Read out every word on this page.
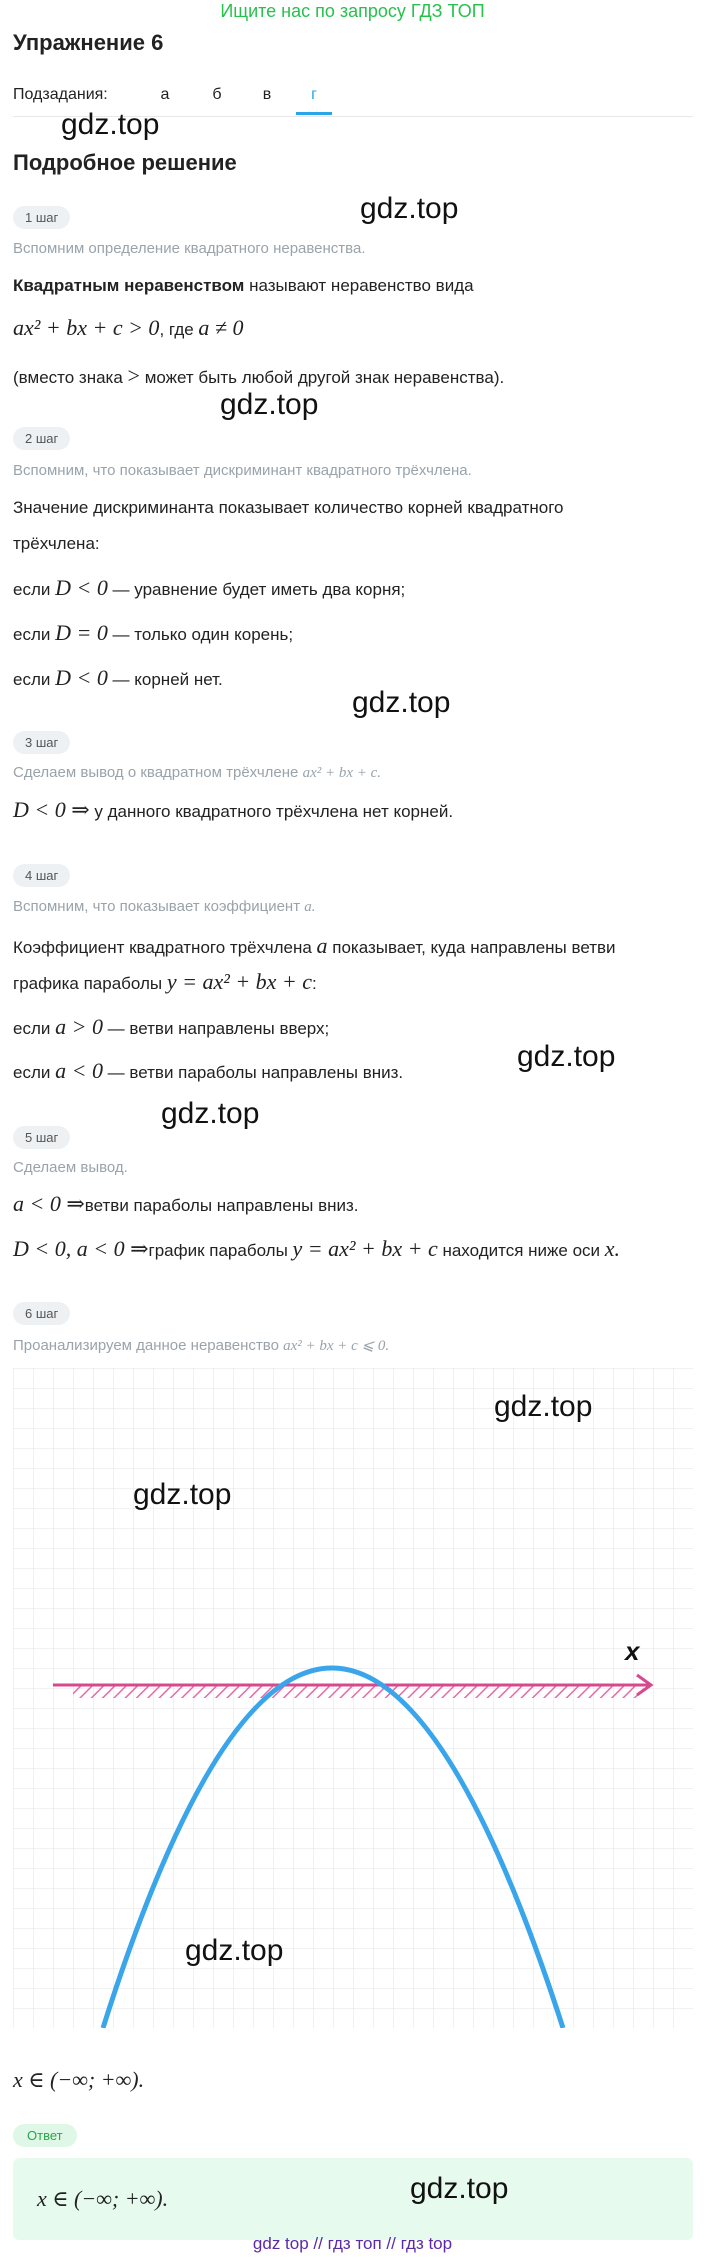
Ищите нас по запросу ГДЗ ТОП
Упражнение 6
Подзадания:	а	б	в	г
gdz.top
Подробное решение
gdz.top
1 шаг
Вспомним определение квадратного неравенства.
Квадратным неравенством называют неравенство вида
ax² + bx + c > 0, где a ≠ 0
(вместо знака > может быть любой другой знак неравенства).
gdz.top
2 шаг
Вспомним, что показывает дискриминант квадратного трёхчлена.
Значение дискриминанта показывает количество корней квадратного
трёхчлена:
если D < 0 — уравнение будет иметь два корня;
если D = 0 — только один корень;
если D < 0 — корней нет.
gdz.top
3 шаг
Сделаем вывод о квадратном трёхчлене ax² + bx + c.
D < 0 ⇒ у данного квадратного трёхчлена нет корней.
4 шаг
Вспомним, что показывает коэффициент a.
Коэффициент квадратного трёхчлена a показывает, куда направлены ветви
графика параболы y = ax² + bx + c:
если a > 0 — ветви направлены вверх;
если a < 0 — ветви параболы направлены вниз.	gdz.top
gdz.top
5 шаг
Сделаем вывод.
a < 0 ⇒ветви параболы направлены вниз.
D < 0, a < 0 ⇒график параболы y = ax² + bx + c находится ниже оси x.
6 шаг
Проанализируем данное неравенство ax² + bx + c ⩽ 0.
x
gdz.top
gdz.top
gdz.top
x ∈ (−∞; +∞).
Ответ
x ∈ (−∞; +∞).	gdz.top
gdz top // гдз топ // гдз top
